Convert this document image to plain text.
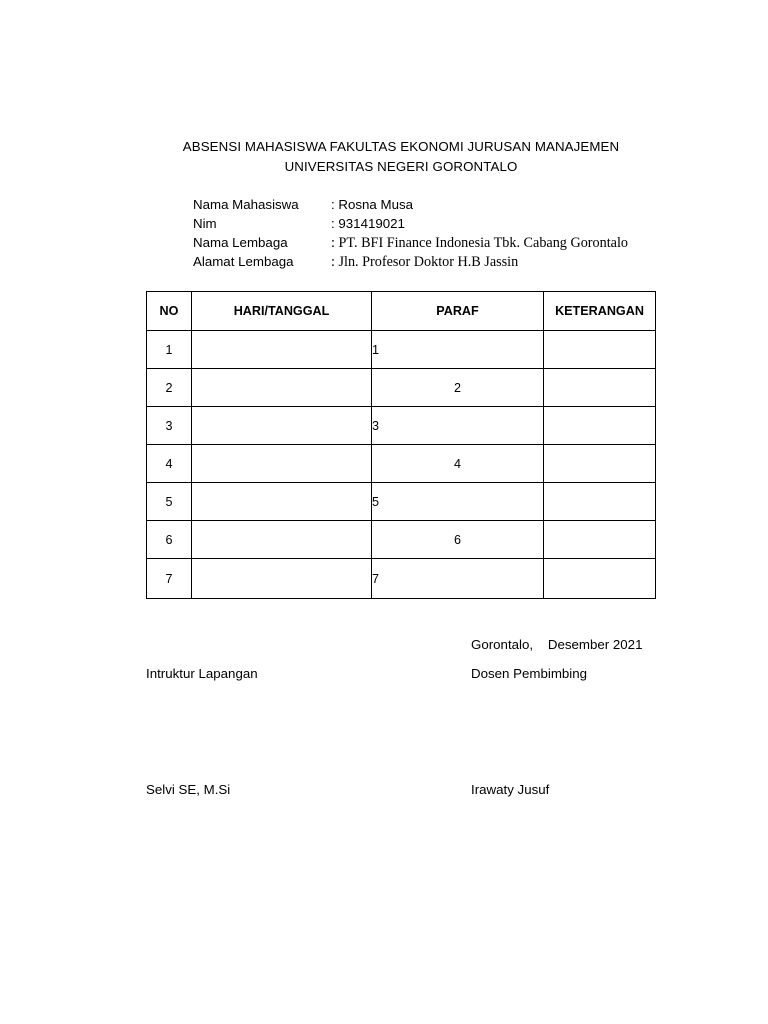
ABSENSI MAHASISWA FAKULTAS EKONOMI JURUSAN MANAJEMEN
UNIVERSITAS NEGERI GORONTALO
Nama Mahasiswa : Rosna Musa
Nim	: 931419021
Nama Lembaga	: PT. BFI Finance Indonesia Tbk. Cabang Gorontalo
Alamat Lembaga	: Jln. Profesor Doktor H.B Jassin
NO	HARI/TANGGAL	PARAF	KETERANGAN
1		1	
2		2	
3		3	
4		4	
5		5	
6		6	
7		7	
Gorontalo,    Desember 2021
Intruktur Lapangan	Dosen Pembimbing
Selvi SE, M.Si	Irawaty Jusuf
